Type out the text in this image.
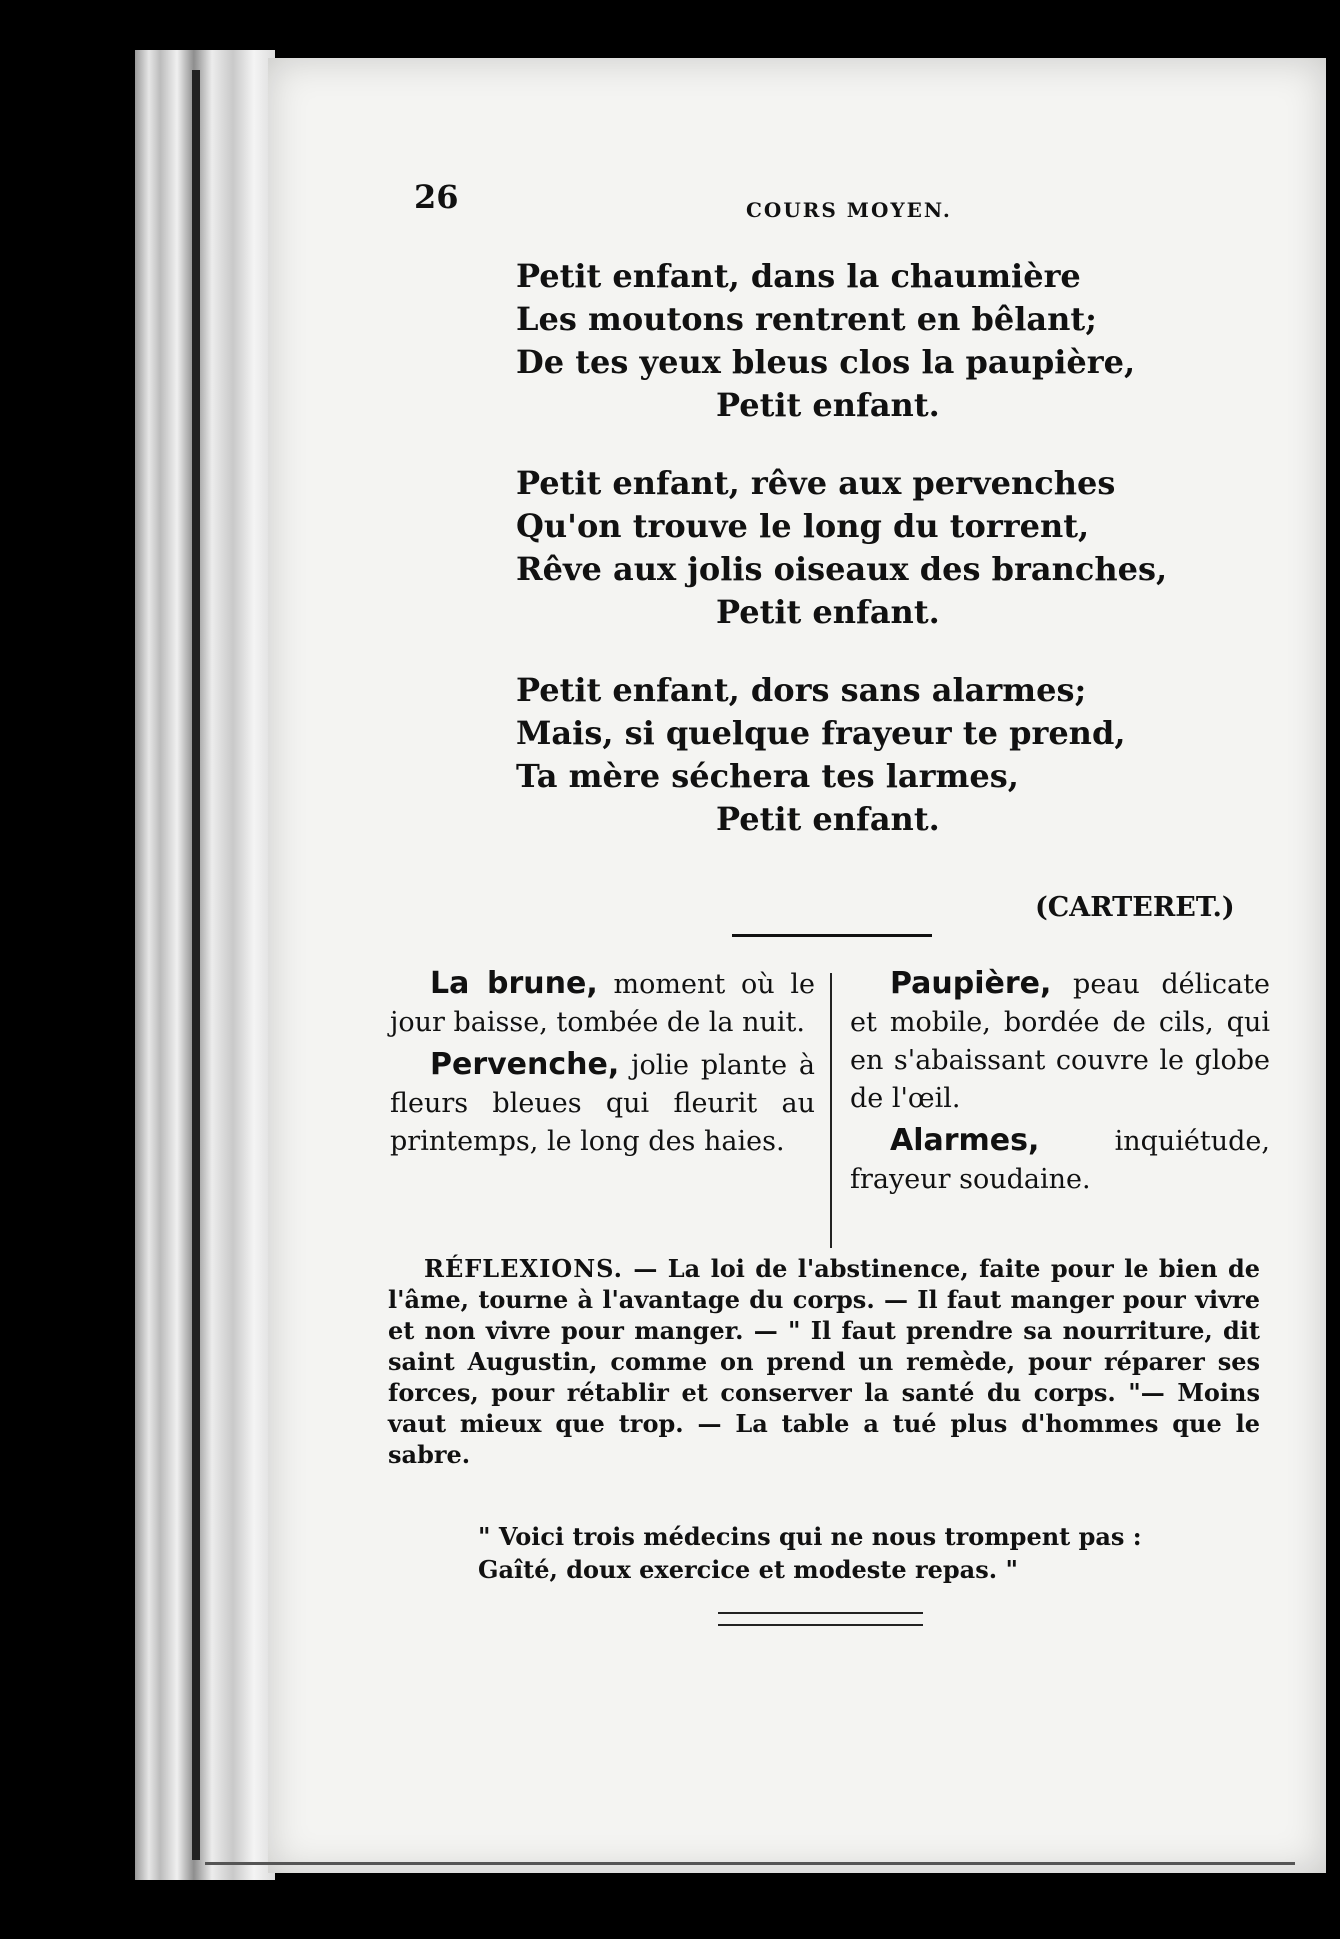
26	COURS MOYEN.
Petit enfant, dans la chaumière
Les moutons rentrent en bêlant;
De tes yeux bleus clos la paupière,
Petit enfant.
Petit enfant, rêve aux pervenches
Qu'on trouve le long du torrent,
Rêve aux jolis oiseaux des branches,
Petit enfant.
Petit enfant, dors sans alarmes;
Mais, si quelque frayeur te prend,
Ta mère séchera tes larmes,
Petit enfant.
(CARTERET.)
La brune, moment où le jour baisse, tombée de la nuit.
Pervenche, jolie plante à fleurs bleues qui fleurit au printemps, le long des haies.
Paupière, peau délicate et mobile, bordée de cils, qui en s'abaissant couvre le globe de l'œil.
Alarmes,	inquiétude, frayeur soudaine.

RÉFLEXIONS. — La loi de l'abstinence, faite pour le bien de l'âme, tourne à l'avantage du corps. — Il faut manger pour vivre et non vivre pour manger. — " Il faut prendre sa nourriture, dit saint Augustin, comme on prend un remède, pour réparer ses forces, pour rétablir et conserver la santé du corps. "— Moins vaut mieux que trop. — La table a tué plus d'hommes que le sabre.

" Voici trois médecins qui ne nous trompent pas :
Gaîté, doux exercice et modeste repas. "
